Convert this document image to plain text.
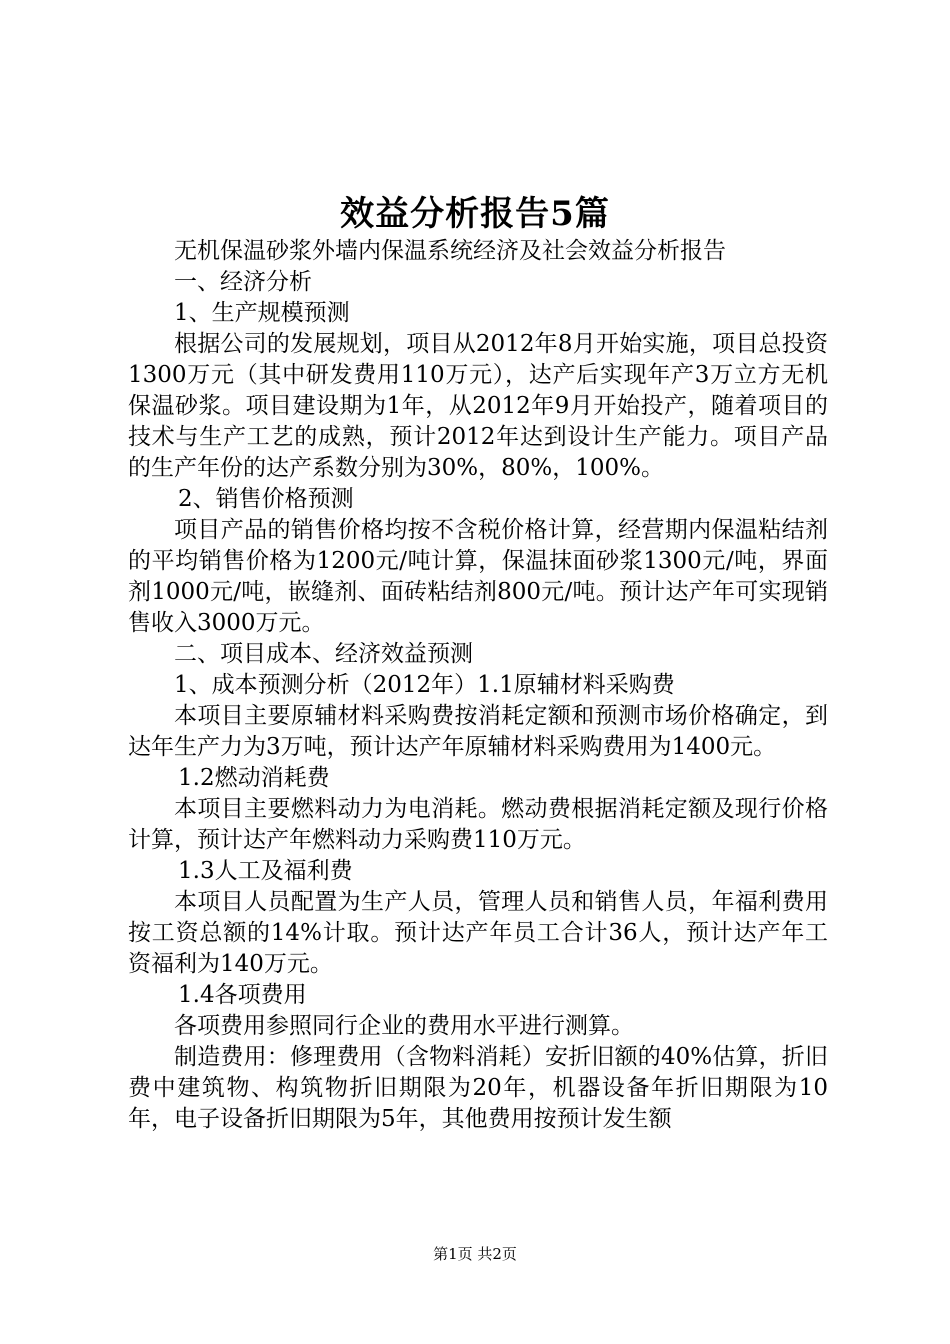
效益分析报告5篇

无机保温砂浆外墙内保温系统经济及社会效益分析报告

一、经济分析

1、生产规模预测

根据公司的发展规划，项目从2012年8月开始实施，项目总投资1300万元（其中研发费用110万元），达产后实现年产3万立方无机保温砂浆。项目建设期为1年，从2012年9月开始投产，随着项目的技术与生产工艺的成熟，预计2012年达到设计生产能力。项目产品的生产年份的达产系数分别为30%，80%，100%。

2、销售价格预测

项目产品的销售价格均按不含税价格计算，经营期内保温粘结剂的平均销售价格为1200元/吨计算，保温抹面砂浆1300元/吨，界面剂1000元/吨，嵌缝剂、面砖粘结剂800元/吨。预计达产年可实现销售收入3000万元。

二、项目成本、经济效益预测

1、成本预测分析（2012年）1.1原辅材料采购费

本项目主要原辅材料采购费按消耗定额和预测市场价格确定，到达年生产力为3万吨，预计达产年原辅材料采购费用为1400元。

1.2燃动消耗费

本项目主要燃料动力为电消耗。燃动费根据消耗定额及现行价格计算，预计达产年燃料动力采购费110万元。

1.3人工及福利费

本项目人员配置为生产人员，管理人员和销售人员，年福利费用按工资总额的14%计取。预计达产年员工合计36人，预计达产年工资福利为140万元。

1.4各项费用

各项费用参照同行企业的费用水平进行测算。

制造费用：修理费用（含物料消耗）安折旧额的40%估算，折旧费中建筑物、构筑物折旧期限为20年，机器设备年折旧期限为10年，电子设备折旧期限为5年，其他费用按预计发生额

第1页 共2页
